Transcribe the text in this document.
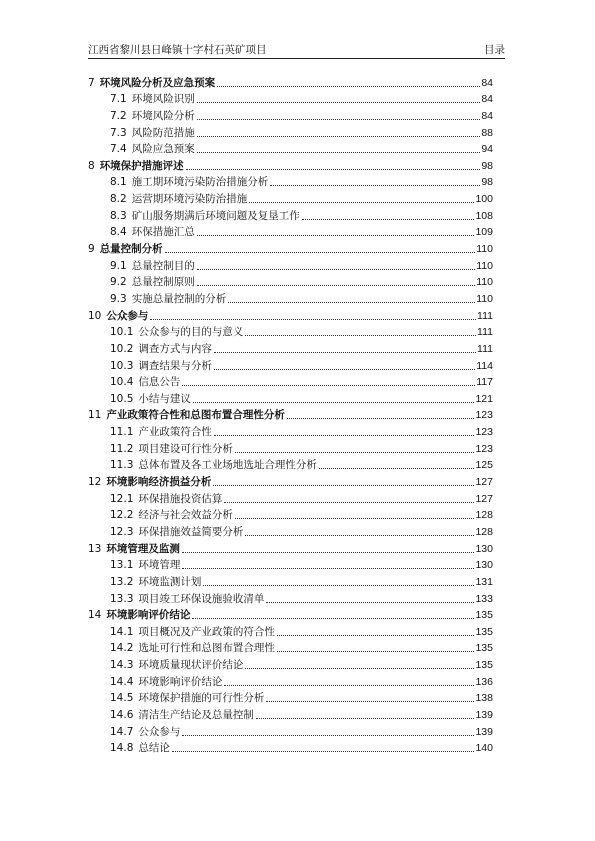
江西省黎川县日峰镇十字村石英矿项目	目录
7 环境风险分析及应急预案	84
7.1 环境风险识别	84
7.2 环境风险分析	84
7.3 风险防范措施	88
7.4 风险应急预案	94
8 环境保护措施评述	98
8.1 施工期环境污染防治措施分析	98
8.2 运营期环境污染防治措施	100
8.3 矿山服务期满后环境问题及复垦工作	108
8.4 环保措施汇总	109
9 总量控制分析	110
9.1 总量控制目的	110
9.2 总量控制原则	110
9.3 实施总量控制的分析	110
10 公众参与	111
10.1 公众参与的目的与意义	111
10.2 调查方式与内容	111
10.3 调查结果与分析	114
10.4 信息公告	117
10.5 小结与建议	121
11 产业政策符合性和总图布置合理性分析	123
11.1 产业政策符合性	123
11.2 项目建设可行性分析	123
11.3 总体布置及各工业场地选址合理性分析	125
12 环境影响经济损益分析	127
12.1 环保措施投资估算	127
12.2 经济与社会效益分析	128
12.3 环保措施效益简要分析	128
13 环境管理及监测	130
13.1 环境管理	130
13.2 环境监测计划	131
13.3 项目竣工环保设施验收清单	133
14 环境影响评价结论	135
14.1 项目概况及产业政策的符合性	135
14.2 选址可行性和总图布置合理性	135
14.3 环境质量现状评价结论	135
14.4 环境影响评价结论	136
14.5 环境保护措施的可行性分析	138
14.6 清洁生产结论及总量控制	139
14.7 公众参与	139
14.8 总结论	140
